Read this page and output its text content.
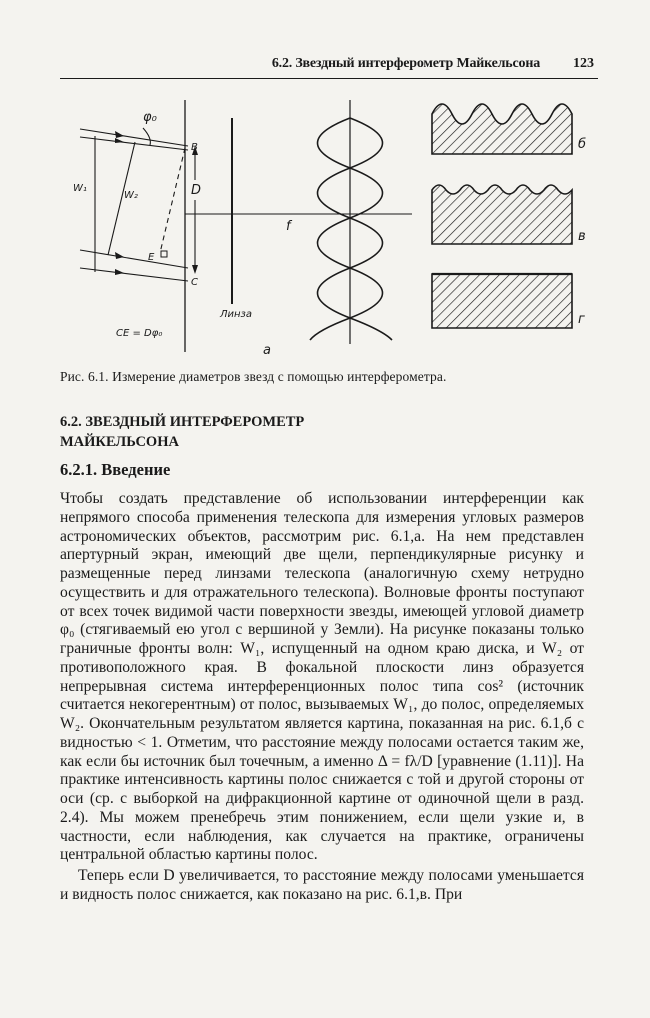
6.2. Звездный интерферометр Майкельсона 123
φ₀
W₁
W₂
B
D
E
C
f
Линза
CE = Dφ₀
а
б
в
г
Рис. 6.1. Измерение диаметров звезд с помощью интерферометра.
6.2. ЗВЕЗДНЫЙ ИНТЕРФЕРОМЕТР
МАЙКЕЛЬСОНА
6.2.1. Введение

Чтобы создать представление об использовании интерференции как непрямого способа применения телескопа для измерения угловых размеров астрономических объектов, рассмотрим рис. 6.1,а. На нем представлен апертурный экран, имеющий две щели, перпендикулярные рисунку и размещенные перед линзами телескопа (аналогичную схему нетрудно осуществить и для отражательного телескопа). Волновые фронты поступают от всех точек видимой части поверхности звезды, имеющей угловой диаметр φ₀ (стягиваемый ею угол с вершиной у Земли). На рисунке показаны только граничные фронты волн: W₁, испущенный на одном краю диска, и W₂ от противоположного края. В фокальной плоскости линз образуется непрерывная система интерференционных полос типа cos² (источник считается некогерентным) от полос, вызываемых W₁, до полос, определяемых W₂. Окончательным результатом является картина, показанная на рис. 6.1,б с видностью < 1. Отметим, что расстояние между полосами остается таким же, как если бы источник был точечным, а именно Δ = fλ/D [уравнение (1.11)]. На практике интенсивность картины полос снижается с той и другой стороны от оси (ср. с выборкой на дифракционной картине от одиночной щели в разд. 2.4). Мы можем пренебречь этим понижением, если щели узкие и, в частности, если наблюдения, как случается на практике, ограничены центральной областью картины полос.

Теперь если D увеличивается, то расстояние между полосами уменьшается и видность полос снижается, как показано на рис. 6.1,в. При
